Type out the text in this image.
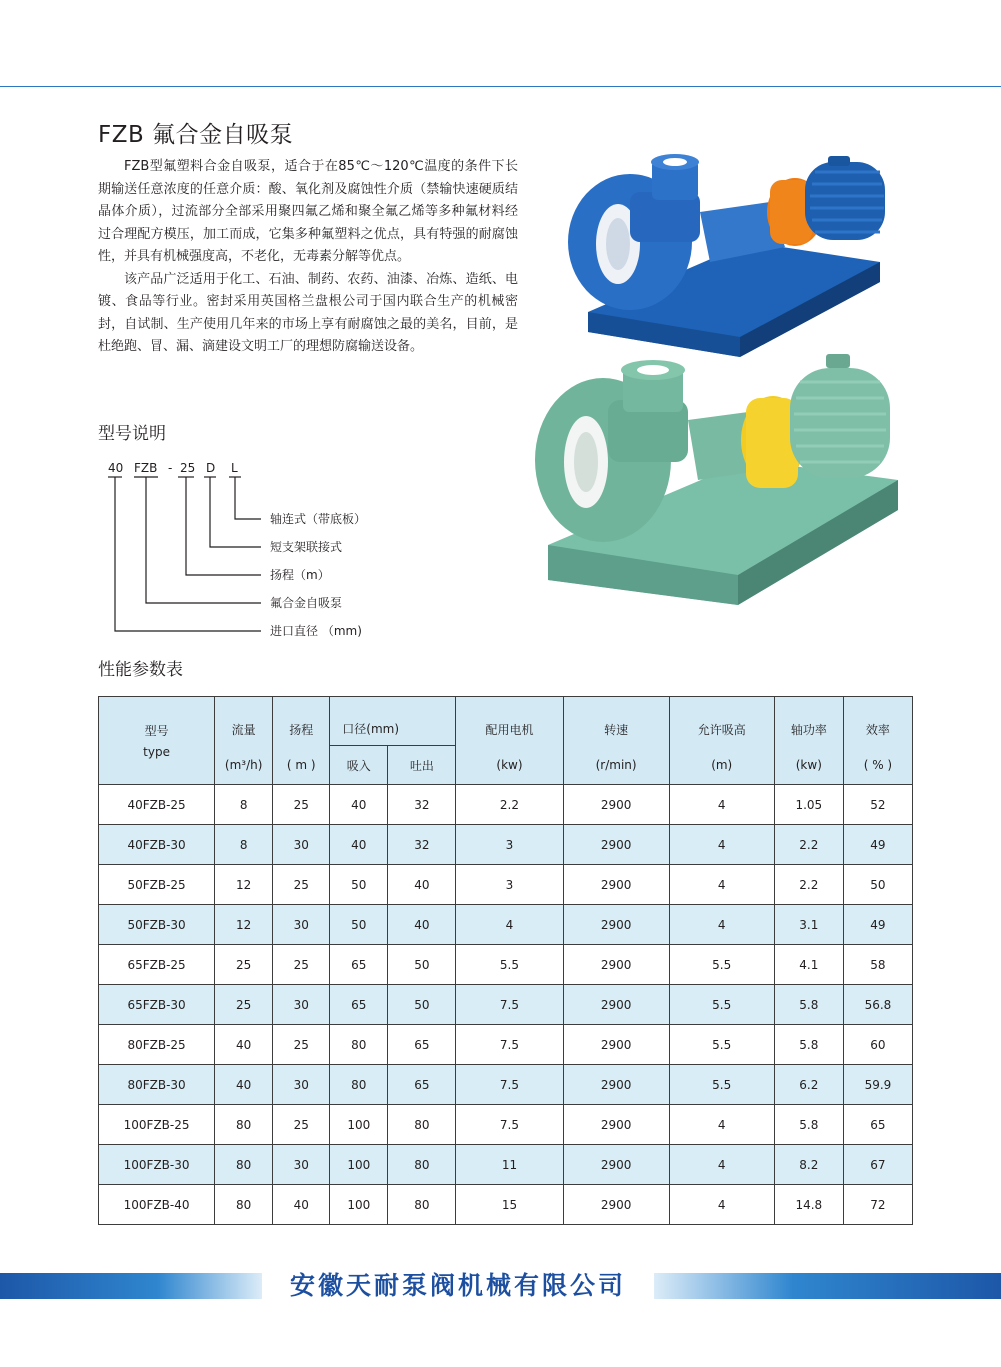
FZB 氟合金自吸泵

FZB型氟塑料合金自吸泵，适合于在85℃～120℃温度的条件下长期输送任意浓度的任意介质：酸、氧化剂及腐蚀性介质（禁输快速硬质结晶体介质），过流部分全部采用聚四氟乙烯和聚全氟乙烯等多种氟材料经过合理配方模压，加工而成，它集多种氟塑料之优点，具有特强的耐腐蚀性，并具有机械强度高，不老化，无毒素分解等优点。

该产品广泛适用于化工、石油、制药、农药、油漆、冶炼、造纸、电镀、食品等行业。密封采用英国格兰盘根公司于国内联合生产的机械密封，自试制、生产使用几年来的市场上享有耐腐蚀之最的美名，目前，是杜绝跑、冒、漏、滴建设文明工厂的理想防腐输送设备。

型号说明
40 FZB - 25 D L
轴连式（带底板）
短支架联接式
扬程（m）
氟合金自吸泵
进口直径 （mm)
性能参数表
型号
type	流量	扬程	口径(mm)		配用电机	转速	允许吸高	轴功率	效率
	(m³/h)	( m )	吸入	吐出	(kw)	(r/min)	(m)	(kw)	( % )
40FZB-25	8	25	40	32	2.2	2900	4	1.05	52
40FZB-30	8	30	40	32	3	2900	4	2.2	49
50FZB-25	12	25	50	40	3	2900	4	2.2	50
50FZB-30	12	30	50	40	4	2900	4	3.1	49
65FZB-25	25	25	65	50	5.5	2900	5.5	4.1	58
65FZB-30	25	30	65	50	7.5	2900	5.5	5.8	56.8
80FZB-25	40	25	80	65	7.5	2900	5.5	5.8	60
80FZB-30	40	30	80	65	7.5	2900	5.5	6.2	59.9
100FZB-25	80	25	100	80	7.5	2900	4	5.8	65
100FZB-30	80	30	100	80	11	2900	4	8.2	67
100FZB-40	80	40	100	80	15	2900	4	14.8	72
安徽天耐泵阀机械有限公司
